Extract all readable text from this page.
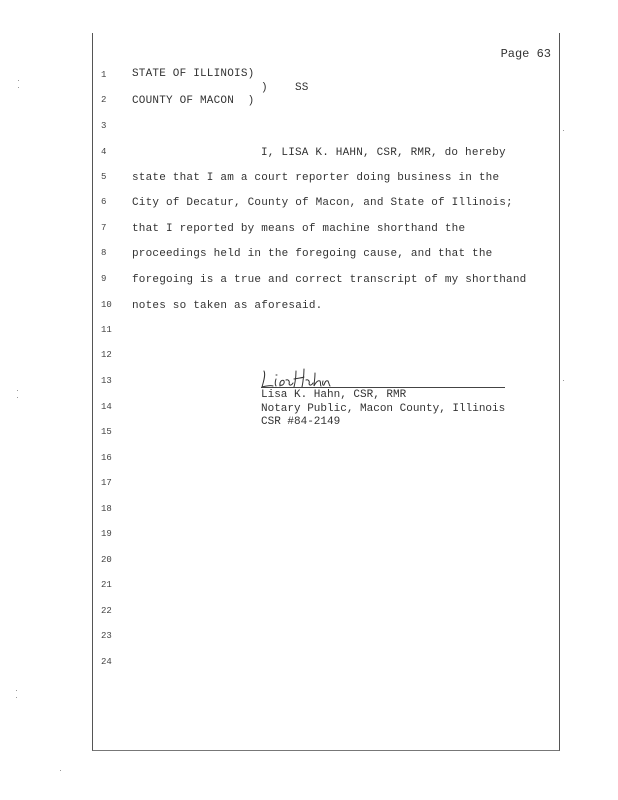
Page 63
1
2
3
4
5
6
7
8
9
10
11
12
13
14
15
16
17
18
19
20
21
22
23
24
STATE OF ILLINOIS)
)    SS
COUNTY OF MACON  )
I, LISA K. HAHN, CSR, RMR, do hereby
state that I am a court reporter doing business in the
City of Decatur, County of Macon, and State of Illinois;
that I reported by means of machine shorthand the
proceedings held in the foregoing cause, and that the
foregoing is a true and correct transcript of my shorthand
notes so taken as aforesaid.
Lisa K. Hahn, CSR, RMR
Notary Public, Macon County, Illinois
CSR #84-2149
